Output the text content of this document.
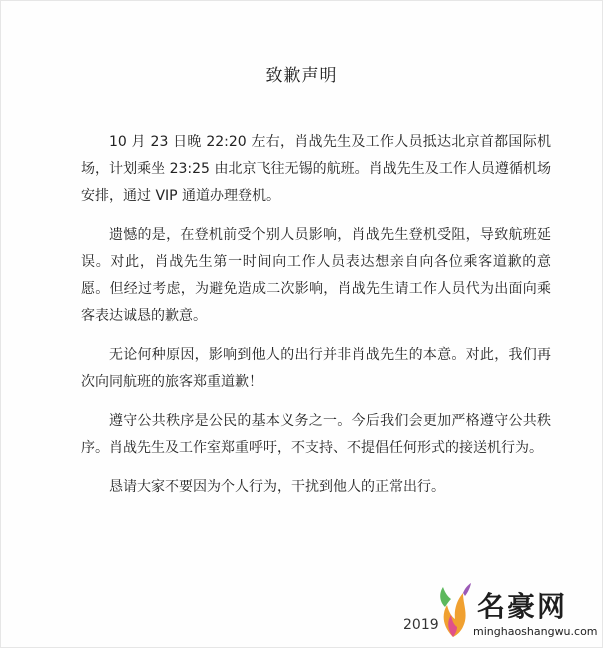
致歉声明

10 月 23 日晚 22:20 左右，肖战先生及工作人员抵达北京首都国际机场，计划乘坐 23:25 由北京飞往无锡的航班。肖战先生及工作人员遵循机场安排，通过 VIP 通道办理登机。

遗憾的是，在登机前受个别人员影响，肖战先生登机受阻，导致航班延误。对此，肖战先生第一时间向工作人员表达想亲自向各位乘客道歉的意愿。但经过考虑，为避免造成二次影响，肖战先生请工作人员代为出面向乘客表达诚恳的歉意。

无论何种原因，影响到他人的出行并非肖战先生的本意。对此，我们再次向同航班的旅客郑重道歉！

遵守公共秩序是公民的基本义务之一。今后我们会更加严格遵守公共秩序。肖战先生及工作室郑重呼吁，不支持、不提倡任何形式的接送机行为。

恳请大家不要因为个人行为，干扰到他人的正常出行。

2019
名豪网
minghaoshangwu.com
